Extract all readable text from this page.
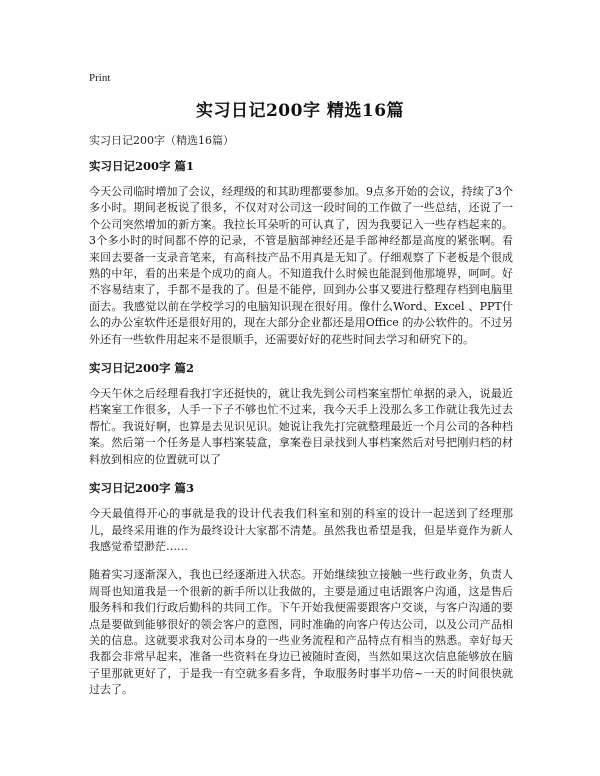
Print
实习日记200字 精选16篇
实习日记200字（精选16篇）
实习日记200字 篇1

今天公司临时增加了会议，经理级的和其助理都要参加。9点多开始的会议，持续了3个多小时。期间老板说了很多，不仅对对公司这一段时间的工作做了一些总结，还说了一个公司突然增加的新方案。我拉长耳朵听的可认真了，因为我要记入一些存档起来的。3个多小时的时间都不停的记录，不管是脑部神经还是手部神经都是高度的紧张啊。看来回去要备一支录音笔来，有高科技产品不用真是无知了。仔细观察了下老板是个很成熟的中年，看的出来是个成功的商人。不知道我什么时候也能混到他那境界，呵呵。好不容易结束了，手都不是我的了。但是不能停，回到办公事又要进行整理存档到电脑里面去。我感觉以前在学校学习的电脑知识现在很好用。像什么Word、Excel 、PPT什么的办公室软件还是很好用的，现在大部分企业都还是用Office 的办公软件的。不过另外还有一些软件用起来不是很顺手，还需要好好的花些时间去学习和研究下的。

实习日记200字 篇2

今天午休之后经理看我打字还挺快的，就让我先到公司档案室帮忙单据的录入，说最近档案室工作很多，人手一下子不够也忙不过来，我今天手上没那么多工作就让我先过去帮忙。我说好啊，也算是去见识见识。她说让我先打完就整理最近一个月公司的各种档案。然后第一个任务是人事档案装盒，拿案卷目录找到人事档案然后对号把刚归档的材料放到相应的位置就可以了

实习日记200字 篇3

今天最值得开心的事就是我的设计代表我们科室和别的科室的设计一起送到了经理那儿，最终采用谁的作为最终设计大家都不清楚。虽然我也希望是我，但是毕竟作为新人我感觉希望渺茫……

随着实习逐渐深入，我也已经逐渐进入状态。开始继续独立接触一些行政业务，负责人周哥也知道我是一个很新的新手所以让我做的，主要是通过电话跟客户沟通，这是售后服务科和我们行政后勤科的共同工作。下午开始我便需要跟客户交谈，与客户沟通的要点是要做到能够很好的领会客户的意图，同时准确的向客户传达公司，以及公司产品相关的信息。这就要求我对公司本身的一些业务流程和产品特点有相当的熟悉。幸好每天我都会非常早起来，准备一些资料在身边已被随时查阅，当然如果这次信息能够放在脑子里那就更好了，于是我一有空就多看多背，争取服务时事半功倍~一天的时间很快就过去了。
